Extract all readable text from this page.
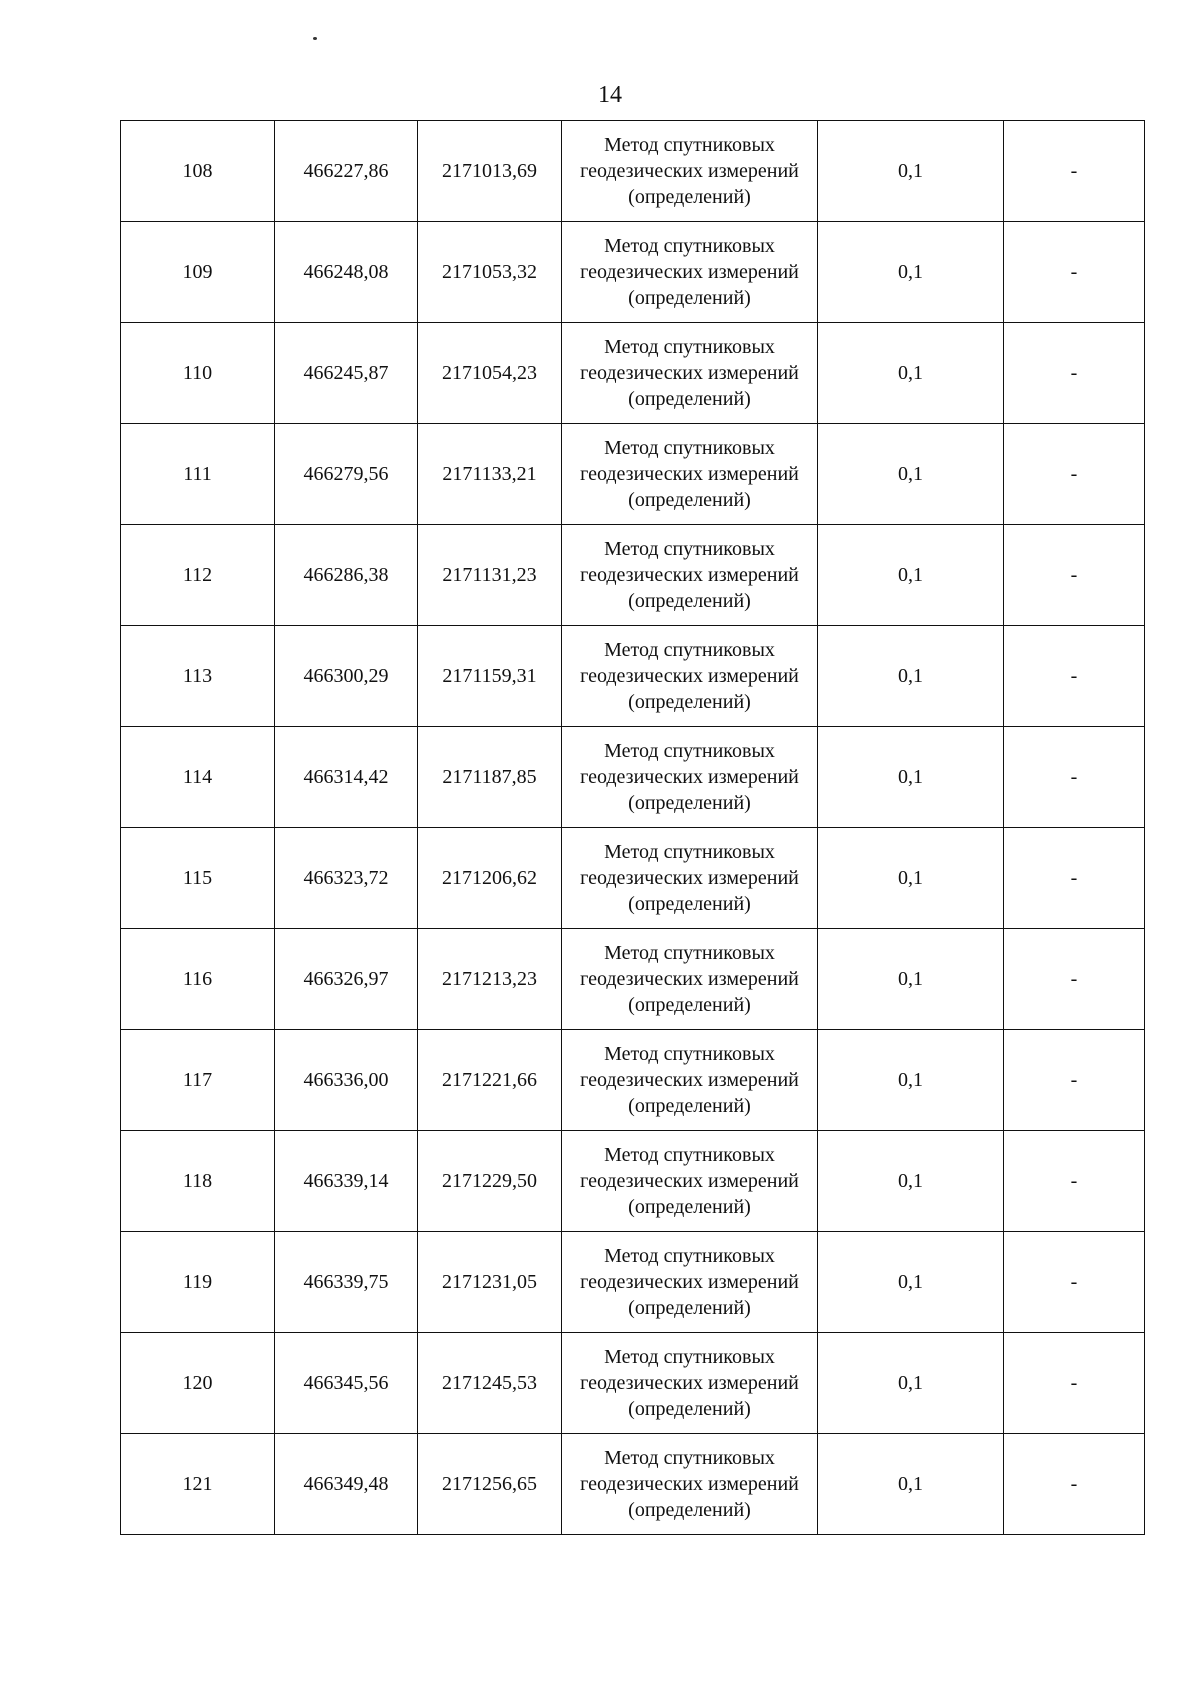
14
108	466227,86	2171013,69	Метод спутниковых
геодезических измерений
(определений)	0,1	-
109	466248,08	2171053,32	Метод спутниковых
геодезических измерений
(определений)	0,1	-
110	466245,87	2171054,23	Метод спутниковых
геодезических измерений
(определений)	0,1	-
111	466279,56	2171133,21	Метод спутниковых
геодезических измерений
(определений)	0,1	-
112	466286,38	2171131,23	Метод спутниковых
геодезических измерений
(определений)	0,1	-
113	466300,29	2171159,31	Метод спутниковых
геодезических измерений
(определений)	0,1	-
114	466314,42	2171187,85	Метод спутниковых
геодезических измерений
(определений)	0,1	-
115	466323,72	2171206,62	Метод спутниковых
геодезических измерений
(определений)	0,1	-
116	466326,97	2171213,23	Метод спутниковых
геодезических измерений
(определений)	0,1	-
117	466336,00	2171221,66	Метод спутниковых
геодезических измерений
(определений)	0,1	-
118	466339,14	2171229,50	Метод спутниковых
геодезических измерений
(определений)	0,1	-
119	466339,75	2171231,05	Метод спутниковых
геодезических измерений
(определений)	0,1	-
120	466345,56	2171245,53	Метод спутниковых
геодезических измерений
(определений)	0,1	-
121	466349,48	2171256,65	Метод спутниковых
геодезических измерений
(определений)	0,1	-
